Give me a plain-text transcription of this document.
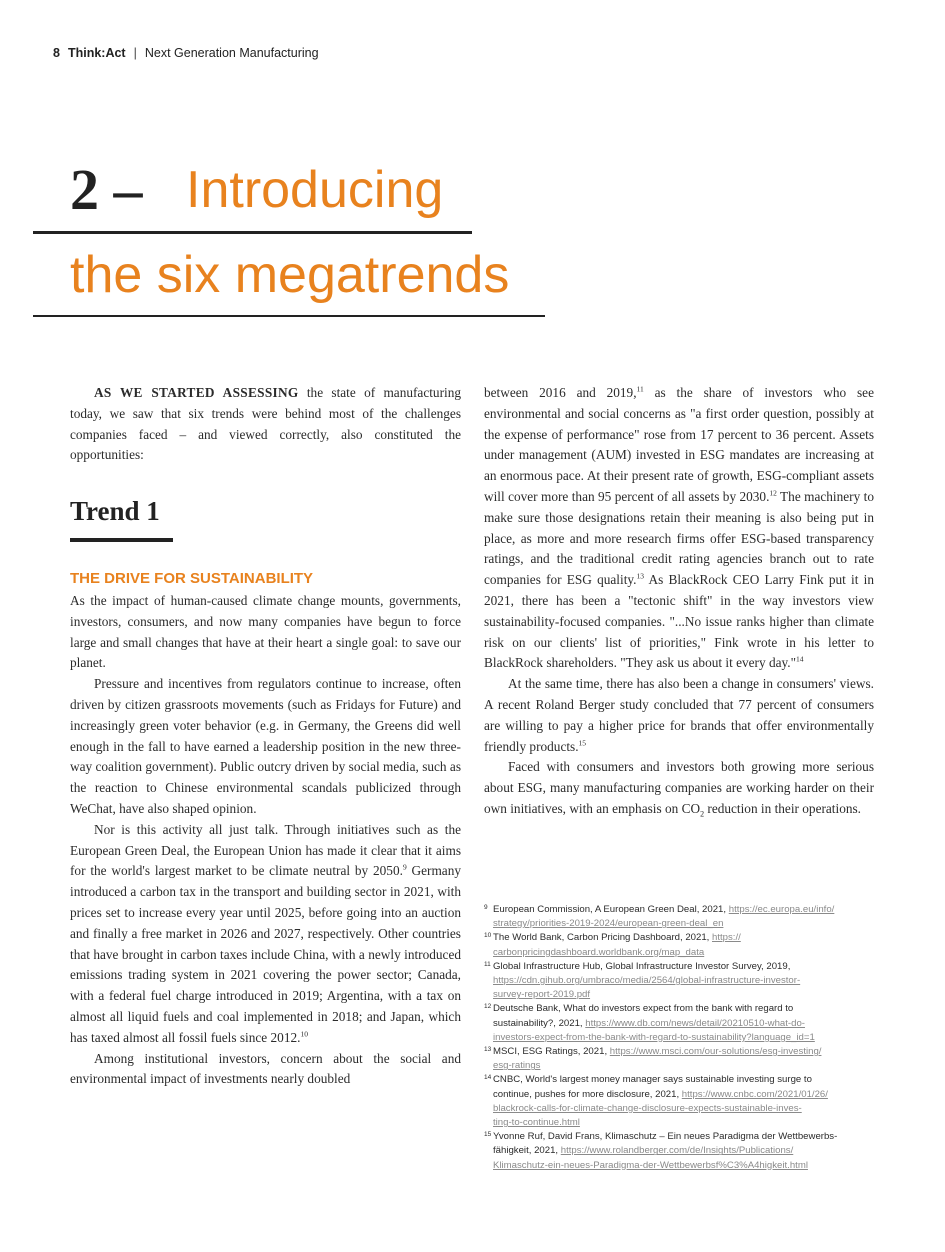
8 Think:Act | Next Generation Manufacturing
2 – Introducing
the six megatrends

AS WE STARTED ASSESSING the state of manufacturing today, we saw that six trends were behind most of the challenges companies faced – and viewed correctly, also constituted the opportunities:

Trend 1
THE DRIVE FOR SUSTAINABILITY

As the impact of human-caused climate change mounts, governments, investors, consumers, and now many companies have begun to force large and small changes that have at their heart a single goal: to save our planet.

Pressure and incentives from regulators continue to increase, often driven by citizen grassroots movements (such as Fridays for Future) and increasingly green voter behavior (e.g. in Germany, the Greens did well enough in the fall to have earned a leadership position in the new three-way coalition government). Public outcry driven by social media, such as the reaction to Chinese environmental scandals publicized through WeChat, have also shaped opinion.

Nor is this activity all just talk. Through initiatives such as the European Green Deal, the European Union has made it clear that it aims for the world's largest market to be climate neutral by 2050.$^9$ Germany introduced a carbon tax in the transport and building sector in 2021, with prices set to increase every year until 2025, before going into an auction and finally a free market in 2026 and 2027, respectively. Other countries that have brought in carbon taxes include China, with a newly introduced emissions trading system in 2021 covering the power sector; Canada, with a federal fuel charge introduced in 2019; Argentina, with a tax on almost all liquid fuels and coal implemented in 2018; and Japan, which has taxed almost all fossil fuels since 2012.10

Among institutional investors, concern about the social and environmental impact of investments nearly doubled

between 2016 and 2019,11 as the share of investors who see environmental and social concerns as "a first order question, possibly at the expense of performance" rose from 17 percent to 36 percent. Assets under management (AUM) invested in ESG mandates are increasing at an enormous pace. At their present rate of growth, ESG-compliant assets will cover more than 95 percent of all assets by 2030.12 The machinery to make sure those designations retain their meaning is also being put in place, as more and more research firms offer ESG-based transparency ratings, and the traditional credit rating agencies branch out to rate companies for ESG quality.$^{13}$ As BlackRock CEO Larry Fink put it in 2021, there has been a "tectonic shift" in the way investors view sustainability-focused companies. "...No issue ranks higher than climate risk on our clients' list of priorities," Fink wrote in his letter to BlackRock shareholders. "They ask us about it every day."$^{14}$

At the same time, there has also been a change in consumers' views. A recent Roland Berger study concluded that 77 percent of consumers are willing to pay a higher price for brands that offer environmentally friendly products.$^{15}$

Faced with consumers and investors both growing more serious about ESG, many manufacturing companies are working harder on their own initiatives, with an emphasis on $CO_2$ reduction in their operations.

9 European Commission, A European Green Deal, 2021, https://ec.europa.eu/info/
strategy/priorities-2019-2024/european-green-deal_en
10 The World Bank, Carbon Pricing Dashboard, 2021, https://
carbonpricingdashboard.worldbank.org/map_data
11 Global Infrastructure Hub, Global Infrastructure Investor Survey, 2019,
https://cdn.gihub.org/umbraco/media/2564/global-infrastructure-investor-
survey-report-2019.pdf
12 Deutsche Bank, What do investors expect from the bank with regard to
sustainability?, 2021, https://www.db.com/news/detail/20210510-what-do-
investors-expect-from-the-bank-with-regard-to-sustainability?language_id=1
13 MSCI, ESG Ratings, 2021, https://www.msci.com/our-solutions/esg-investing/
esg-ratings
14 CNBC, World's largest money manager says sustainable investing surge to
continue, pushes for more disclosure, 2021, https://www.cnbc.com/2021/01/26/
blackrock-calls-for-climate-change-disclosure-expects-sustainable-inves-
ting-to-continue.html
15 Yvonne Ruf, David Frans, Klimaschutz – Ein neues Paradigma der Wettbewerbs-
fähigkeit, 2021, https://www.rolandberger.com/de/Insights/Publications/
Klimaschutz-ein-neues-Paradigma-der-Wettbewerbsf%C3%A4higkeit.html
